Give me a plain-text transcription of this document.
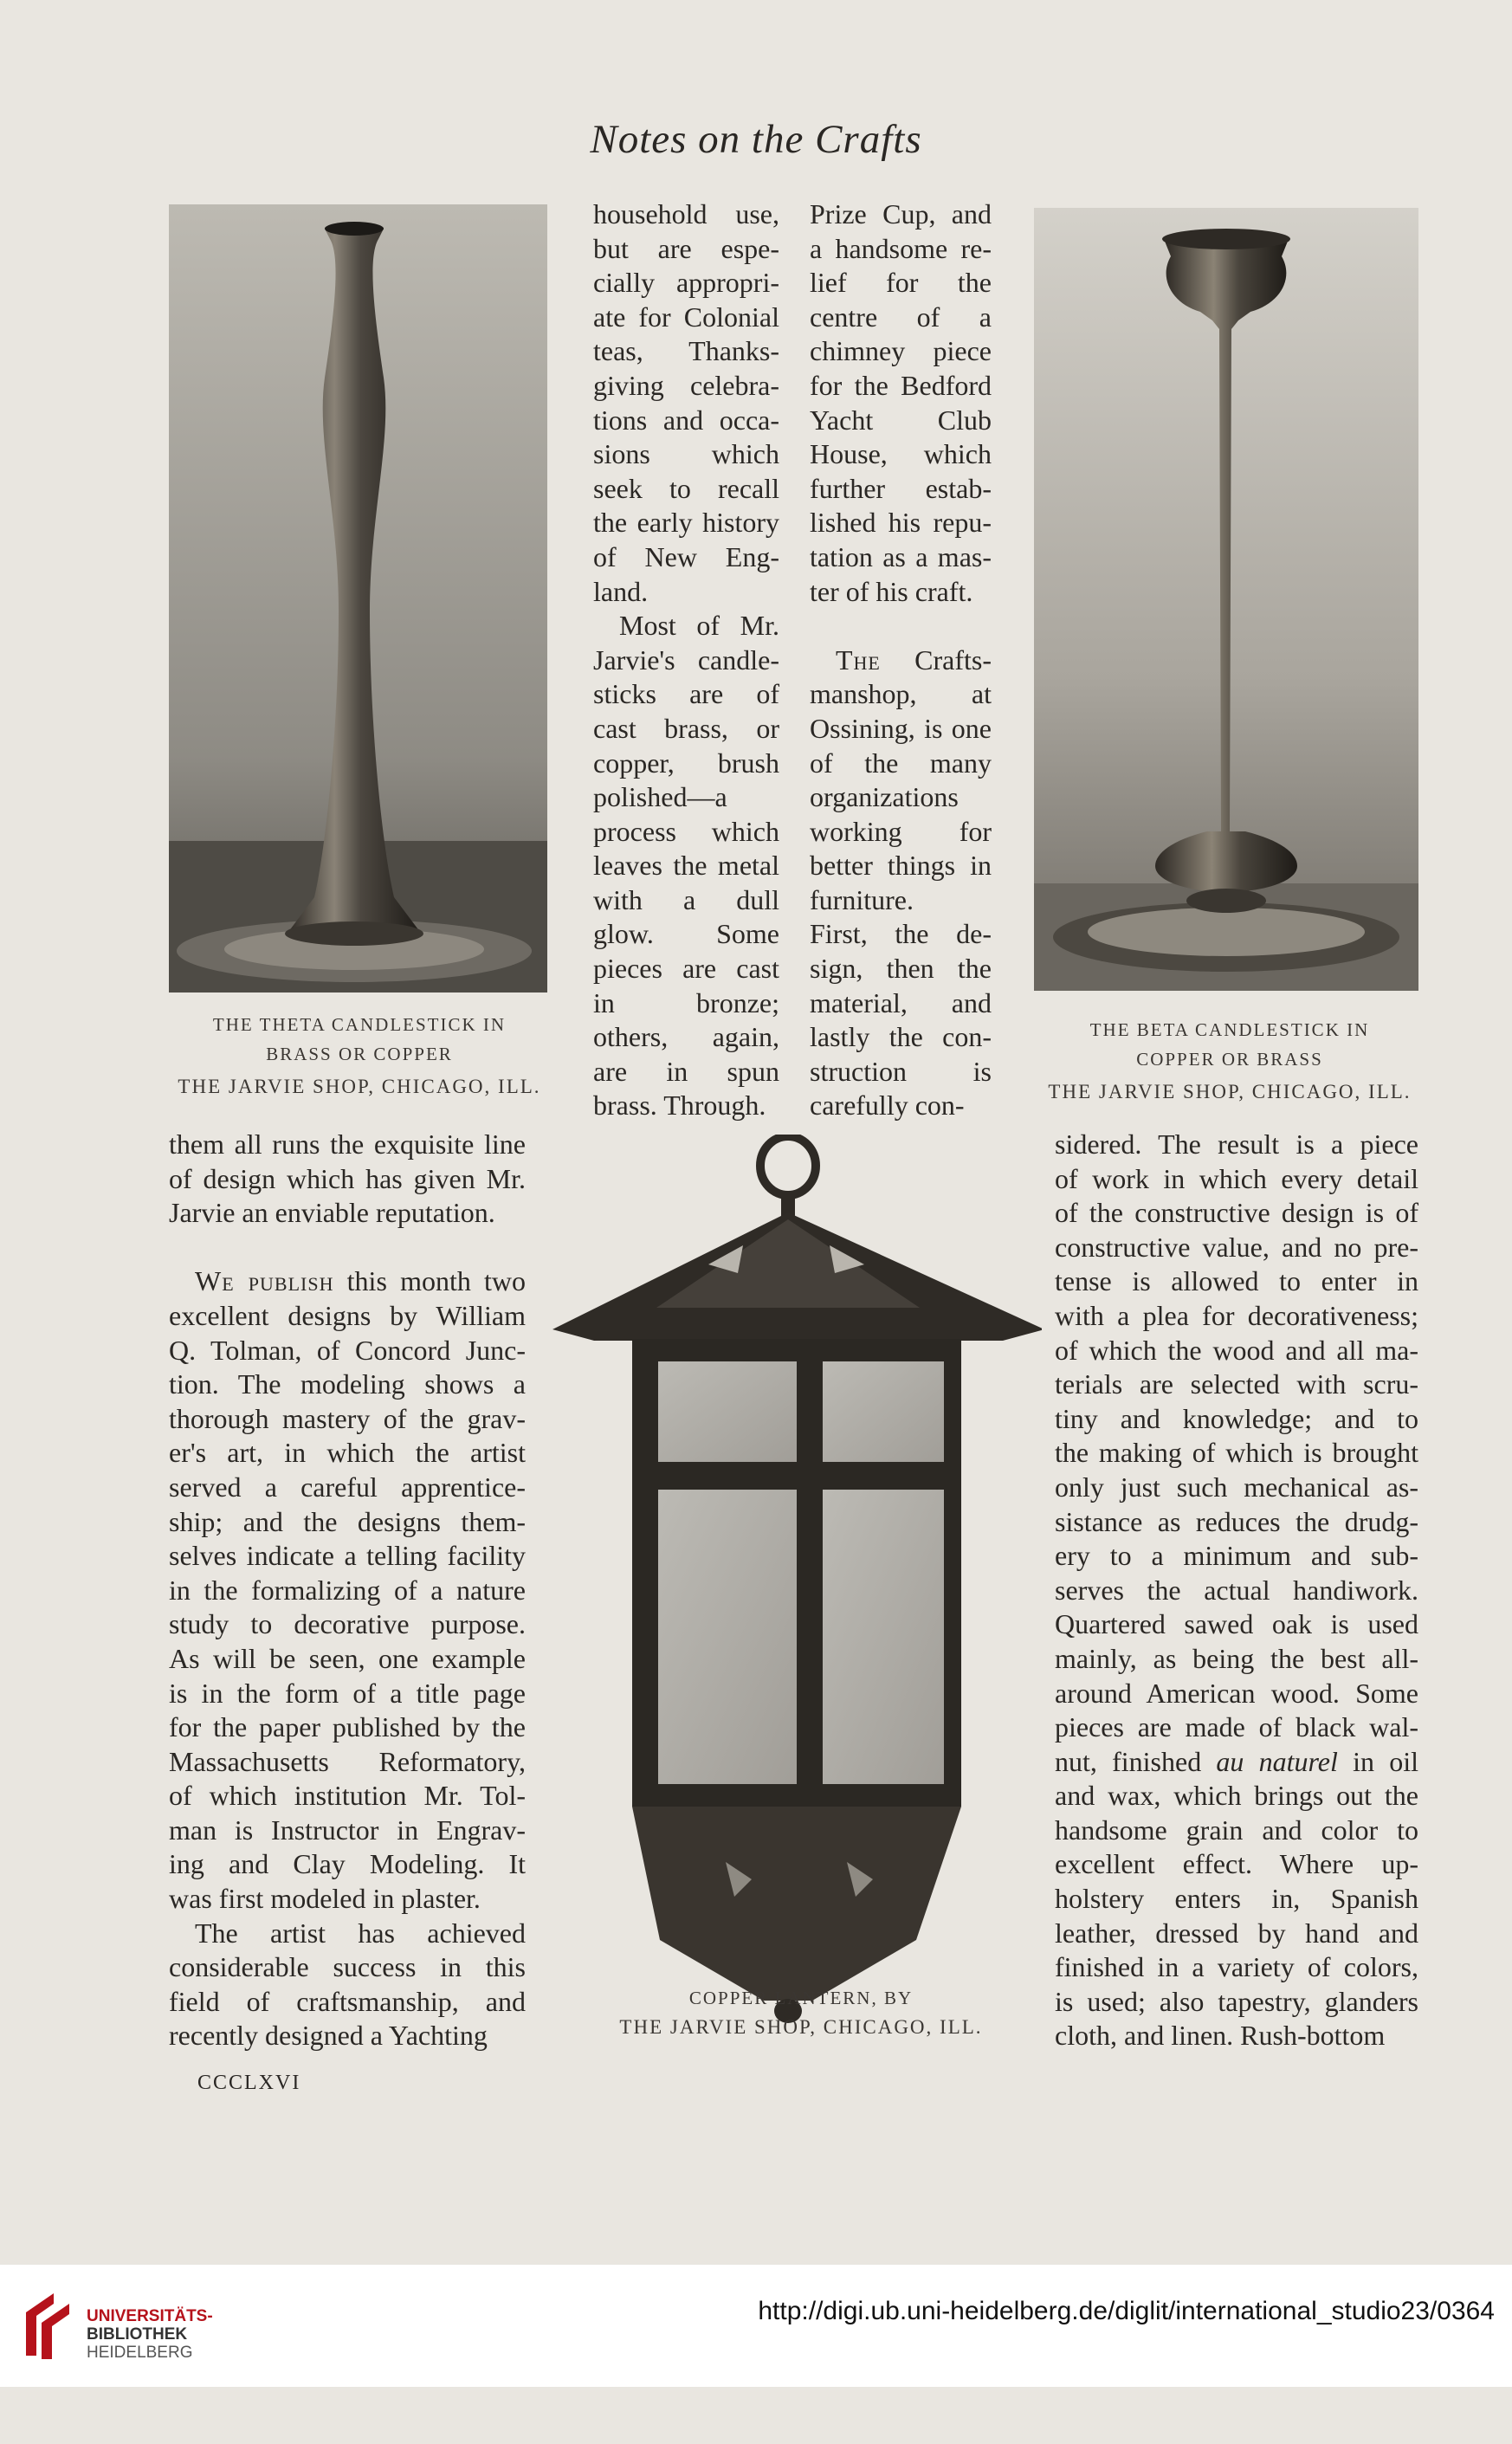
Notes on the Crafts
THE THETA CANDLESTICK IN
BRASS OR COPPER
THE JARVIE SHOP, CHICAGO, ILL.
THE BETA CANDLESTICK IN
COPPER OR BRASS
THE JARVIE SHOP, CHICAGO, ILL.
household use,
but are espe-
cially appropri-
ate for Colonial
teas, Thanks-
giving celebra-
tions and occa-
sions which
seek to recall
the early history
of New Eng-
land.
Most of Mr.
Jarvie's candle-
sticks are of
cast brass, or
copper, brush
polished—a
process which
leaves the metal
with a dull
glow. Some
pieces are cast
in bronze;
others, again,
are in spun
brass. Through.
Prize Cup, and
a handsome re-
lief for the
centre of a
chimney piece
for the Bedford
Yacht Club
House, which
further estab-
lished his repu-
tation as a mas-
ter of his craft.
The Crafts-
manshop, at
Ossining, is one
of the many
organizations
working for
better things in
furniture.
First, the de-
sign, then the
material, and
lastly the con-
struction is
carefully con-
them all runs the exquisite line
of design which has given Mr.
Jarvie an enviable reputation.
We publish this month two
excellent designs by William
Q. Tolman, of Concord Junc-
tion. The modeling shows a
thorough mastery of the grav-
er's art, in which the artist
served a careful apprentice-
ship; and the designs them-
selves indicate a telling facility
in the formalizing of a nature
study to decorative purpose.
As will be seen, one example
is in the form of a title page
for the paper published by the
Massachusetts Reformatory,
of which institution Mr. Tol-
man is Instructor in Engrav-
ing and Clay Modeling. It
was first modeled in plaster.
The artist has achieved
considerable success in this
field of craftsmanship, and
recently designed a Yachting
sidered. The result is a piece
of work in which every detail
of the constructive design is of
constructive value, and no pre-
tense is allowed to enter in
with a plea for decorativeness;
of which the wood and all ma-
terials are selected with scru-
tiny and knowledge; and to
the making of which is brought
only just such mechanical as-
sistance as reduces the drudg-
ery to a minimum and sub-
serves the actual handiwork.
Quartered sawed oak is used
mainly, as being the best all-
around American wood. Some
pieces are made of black wal-
nut, finished au naturel in oil
and wax, which brings out the
handsome grain and color to
excellent effect. Where up-
holstery enters in, Spanish
leather, dressed by hand and
finished in a variety of colors,
is used; also tapestry, glanders
cloth, and linen. Rush-bottom
COPPER LANTERN, BY
THE JARVIE SHOP, CHICAGO, ILL.
CCCLXVI
UNIVERSITÄTS-
BIBLIOTHEK
HEIDELBERG
http://digi.ub.uni-heidelberg.de/diglit/international_studio23/0364
